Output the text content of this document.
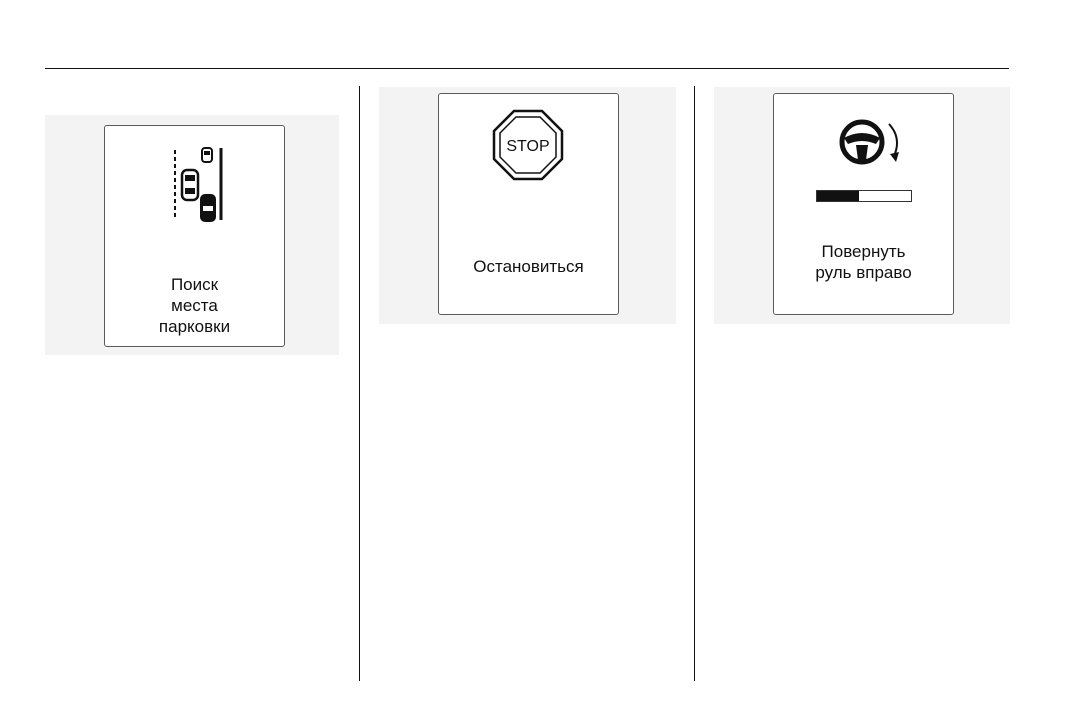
Поиск
места
парковки
STOP
Остановиться
Повернуть
руль вправо
